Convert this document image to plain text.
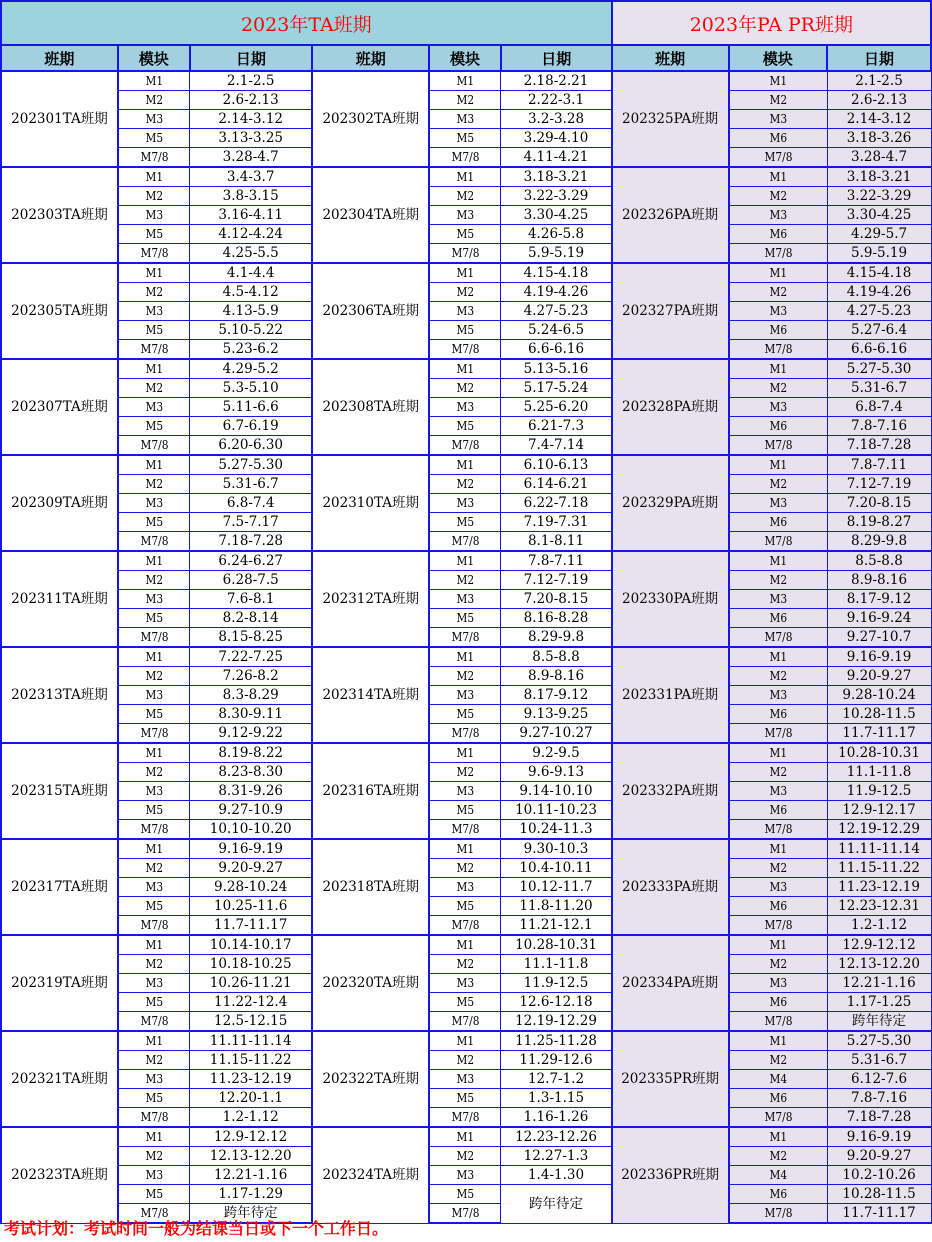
2023年TA班期						2023年PA PR班期		
班期	模块	日期	班期	模块	日期	班期	模块	日期
202301TA班期	M1	2.1-2.5	202302TA班期	M1	2.18-2.21	202325PA班期	M1	2.1-2.5
	M2	2.6-2.13		M2	2.22-3.1		M2	2.6-2.13
	M3	2.14-3.12		M3	3.2-3.28		M3	2.14-3.12
	M5	3.13-3.25		M5	3.29-4.10		M6	3.18-3.26
	M7/8	3.28-4.7		M7/8	4.11-4.21		M7/8	3.28-4.7
202303TA班期	M1	3.4-3.7	202304TA班期	M1	3.18-3.21	202326PA班期	M1	3.18-3.21
	M2	3.8-3.15		M2	3.22-3.29		M2	3.22-3.29
	M3	3.16-4.11		M3	3.30-4.25		M3	3.30-4.25
	M5	4.12-4.24		M5	4.26-5.8		M6	4.29-5.7
	M7/8	4.25-5.5		M7/8	5.9-5.19		M7/8	5.9-5.19
202305TA班期	M1	4.1-4.4	202306TA班期	M1	4.15-4.18	202327PA班期	M1	4.15-4.18
	M2	4.5-4.12		M2	4.19-4.26		M2	4.19-4.26
	M3	4.13-5.9		M3	4.27-5.23		M3	4.27-5.23
	M5	5.10-5.22		M5	5.24-6.5		M6	5.27-6.4
	M7/8	5.23-6.2		M7/8	6.6-6.16		M7/8	6.6-6.16
202307TA班期	M1	4.29-5.2	202308TA班期	M1	5.13-5.16	202328PA班期	M1	5.27-5.30
	M2	5.3-5.10		M2	5.17-5.24		M2	5.31-6.7
	M3	5.11-6.6		M3	5.25-6.20		M3	6.8-7.4
	M5	6.7-6.19		M5	6.21-7.3		M6	7.8-7.16
	M7/8	6.20-6.30		M7/8	7.4-7.14		M7/8	7.18-7.28
202309TA班期	M1	5.27-5.30	202310TA班期	M1	6.10-6.13	202329PA班期	M1	7.8-7.11
	M2	5.31-6.7		M2	6.14-6.21		M2	7.12-7.19
	M3	6.8-7.4		M3	6.22-7.18		M3	7.20-8.15
	M5	7.5-7.17		M5	7.19-7.31		M6	8.19-8.27
	M7/8	7.18-7.28		M7/8	8.1-8.11		M7/8	8.29-9.8
202311TA班期	M1	6.24-6.27	202312TA班期	M1	7.8-7.11	202330PA班期	M1	8.5-8.8
	M2	6.28-7.5		M2	7.12-7.19		M2	8.9-8.16
	M3	7.6-8.1		M3	7.20-8.15		M3	8.17-9.12
	M5	8.2-8.14		M5	8.16-8.28		M6	9.16-9.24
	M7/8	8.15-8.25		M7/8	8.29-9.8		M7/8	9.27-10.7
202313TA班期	M1	7.22-7.25	202314TA班期	M1	8.5-8.8	202331PA班期	M1	9.16-9.19
	M2	7.26-8.2		M2	8.9-8.16		M2	9.20-9.27
	M3	8.3-8.29		M3	8.17-9.12		M3	9.28-10.24
	M5	8.30-9.11		M5	9.13-9.25		M6	10.28-11.5
	M7/8	9.12-9.22		M7/8	9.27-10.27		M7/8	11.7-11.17
202315TA班期	M1	8.19-8.22	202316TA班期	M1	9.2-9.5	202332PA班期	M1	10.28-10.31
	M2	8.23-8.30		M2	9.6-9.13		M2	11.1-11.8
	M3	8.31-9.26		M3	9.14-10.10		M3	11.9-12.5
	M5	9.27-10.9		M5	10.11-10.23		M6	12.9-12.17
	M7/8	10.10-10.20		M7/8	10.24-11.3		M7/8	12.19-12.29
202317TA班期	M1	9.16-9.19	202318TA班期	M1	9.30-10.3	202333PA班期	M1	11.11-11.14
	M2	9.20-9.27		M2	10.4-10.11		M2	11.15-11.22
	M3	9.28-10.24		M3	10.12-11.7		M3	11.23-12.19
	M5	10.25-11.6		M5	11.8-11.20		M6	12.23-12.31
	M7/8	11.7-11.17		M7/8	11.21-12.1		M7/8	1.2-1.12
202319TA班期	M1	10.14-10.17	202320TA班期	M1	10.28-10.31	202334PA班期	M1	12.9-12.12
	M2	10.18-10.25		M2	11.1-11.8		M2	12.13-12.20
	M3	10.26-11.21		M3	11.9-12.5		M3	12.21-1.16
	M5	11.22-12.4		M5	12.6-12.18		M6	1.17-1.25
	M7/8	12.5-12.15		M7/8	12.19-12.29		M7/8	跨年待定
202321TA班期	M1	11.11-11.14	202322TA班期	M1	11.25-11.28	202335PR班期	M1	5.27-5.30
	M2	11.15-11.22		M2	11.29-12.6		M2	5.31-6.7
	M3	11.23-12.19		M3	12.7-1.2		M4	6.12-7.6
	M5	12.20-1.1		M5	1.3-1.15		M6	7.8-7.16
	M7/8	1.2-1.12		M7/8	1.16-1.26		M7/8	7.18-7.28
202323TA班期	M1	12.9-12.12	202324TA班期	M1	12.23-12.26	202336PR班期	M1	9.16-9.19
	M2	12.13-12.20		M2	12.27-1.3		M2	9.20-9.27
	M3	12.21-1.16		M3	1.4-1.30		M4	10.2-10.26
	M5	1.17-1.29		M5	跨年待定		M6	10.28-11.5
	M7/8	跨年待定		M7/8			M7/8	11.7-11.17
考试计划：考试时间一般为结课当日或下一个工作日。
